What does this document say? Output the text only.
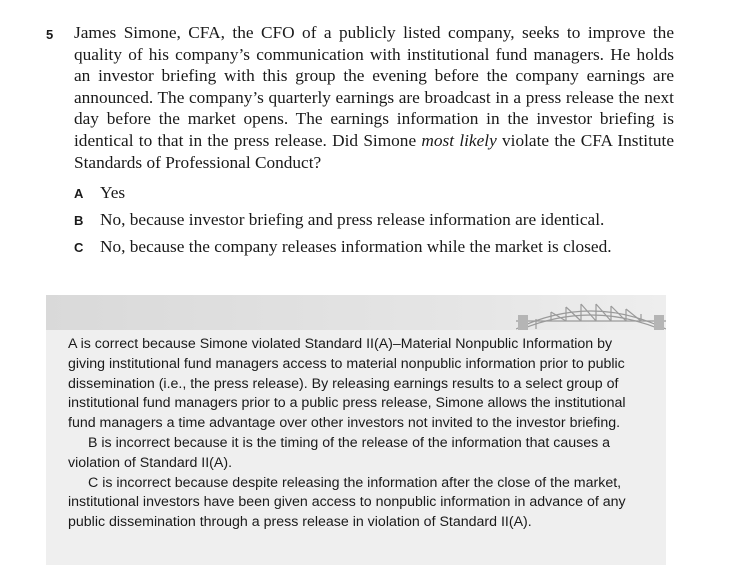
5 James Simone, CFA, the CFO of a publicly listed company, seeks to improve the quality of his company’s communication with institutional fund managers. He holds an investor briefing with this group the evening before the company earnings are announced. The company’s quarterly earnings are broadcast in a press release the next day before the market opens. The earnings information in the investor briefing is identical to that in the press release. Did Simone most likely violate the CFA Institute Standards of Professional Conduct?
A Yes
B No, because investor briefing and press release information are identical.
C No, because the company releases information while the market is closed.

A is correct because Simone violated Standard II(A)–Material Nonpublic Information by giving institutional fund managers access to material nonpublic information prior to public dissemination (i.e., the press release). By releasing earnings results to a select group of institutional fund managers prior to a public press release, Simone allows the institutional fund managers a time advantage over other investors not invited to the investor briefing.

B is incorrect because it is the timing of the release of the information that causes a violation of Standard II(A).

C is incorrect because despite releasing the information after the close of the market, institutional investors have been given access to nonpublic information in advance of any public dissemination through a press release in violation of Standard II(A).
